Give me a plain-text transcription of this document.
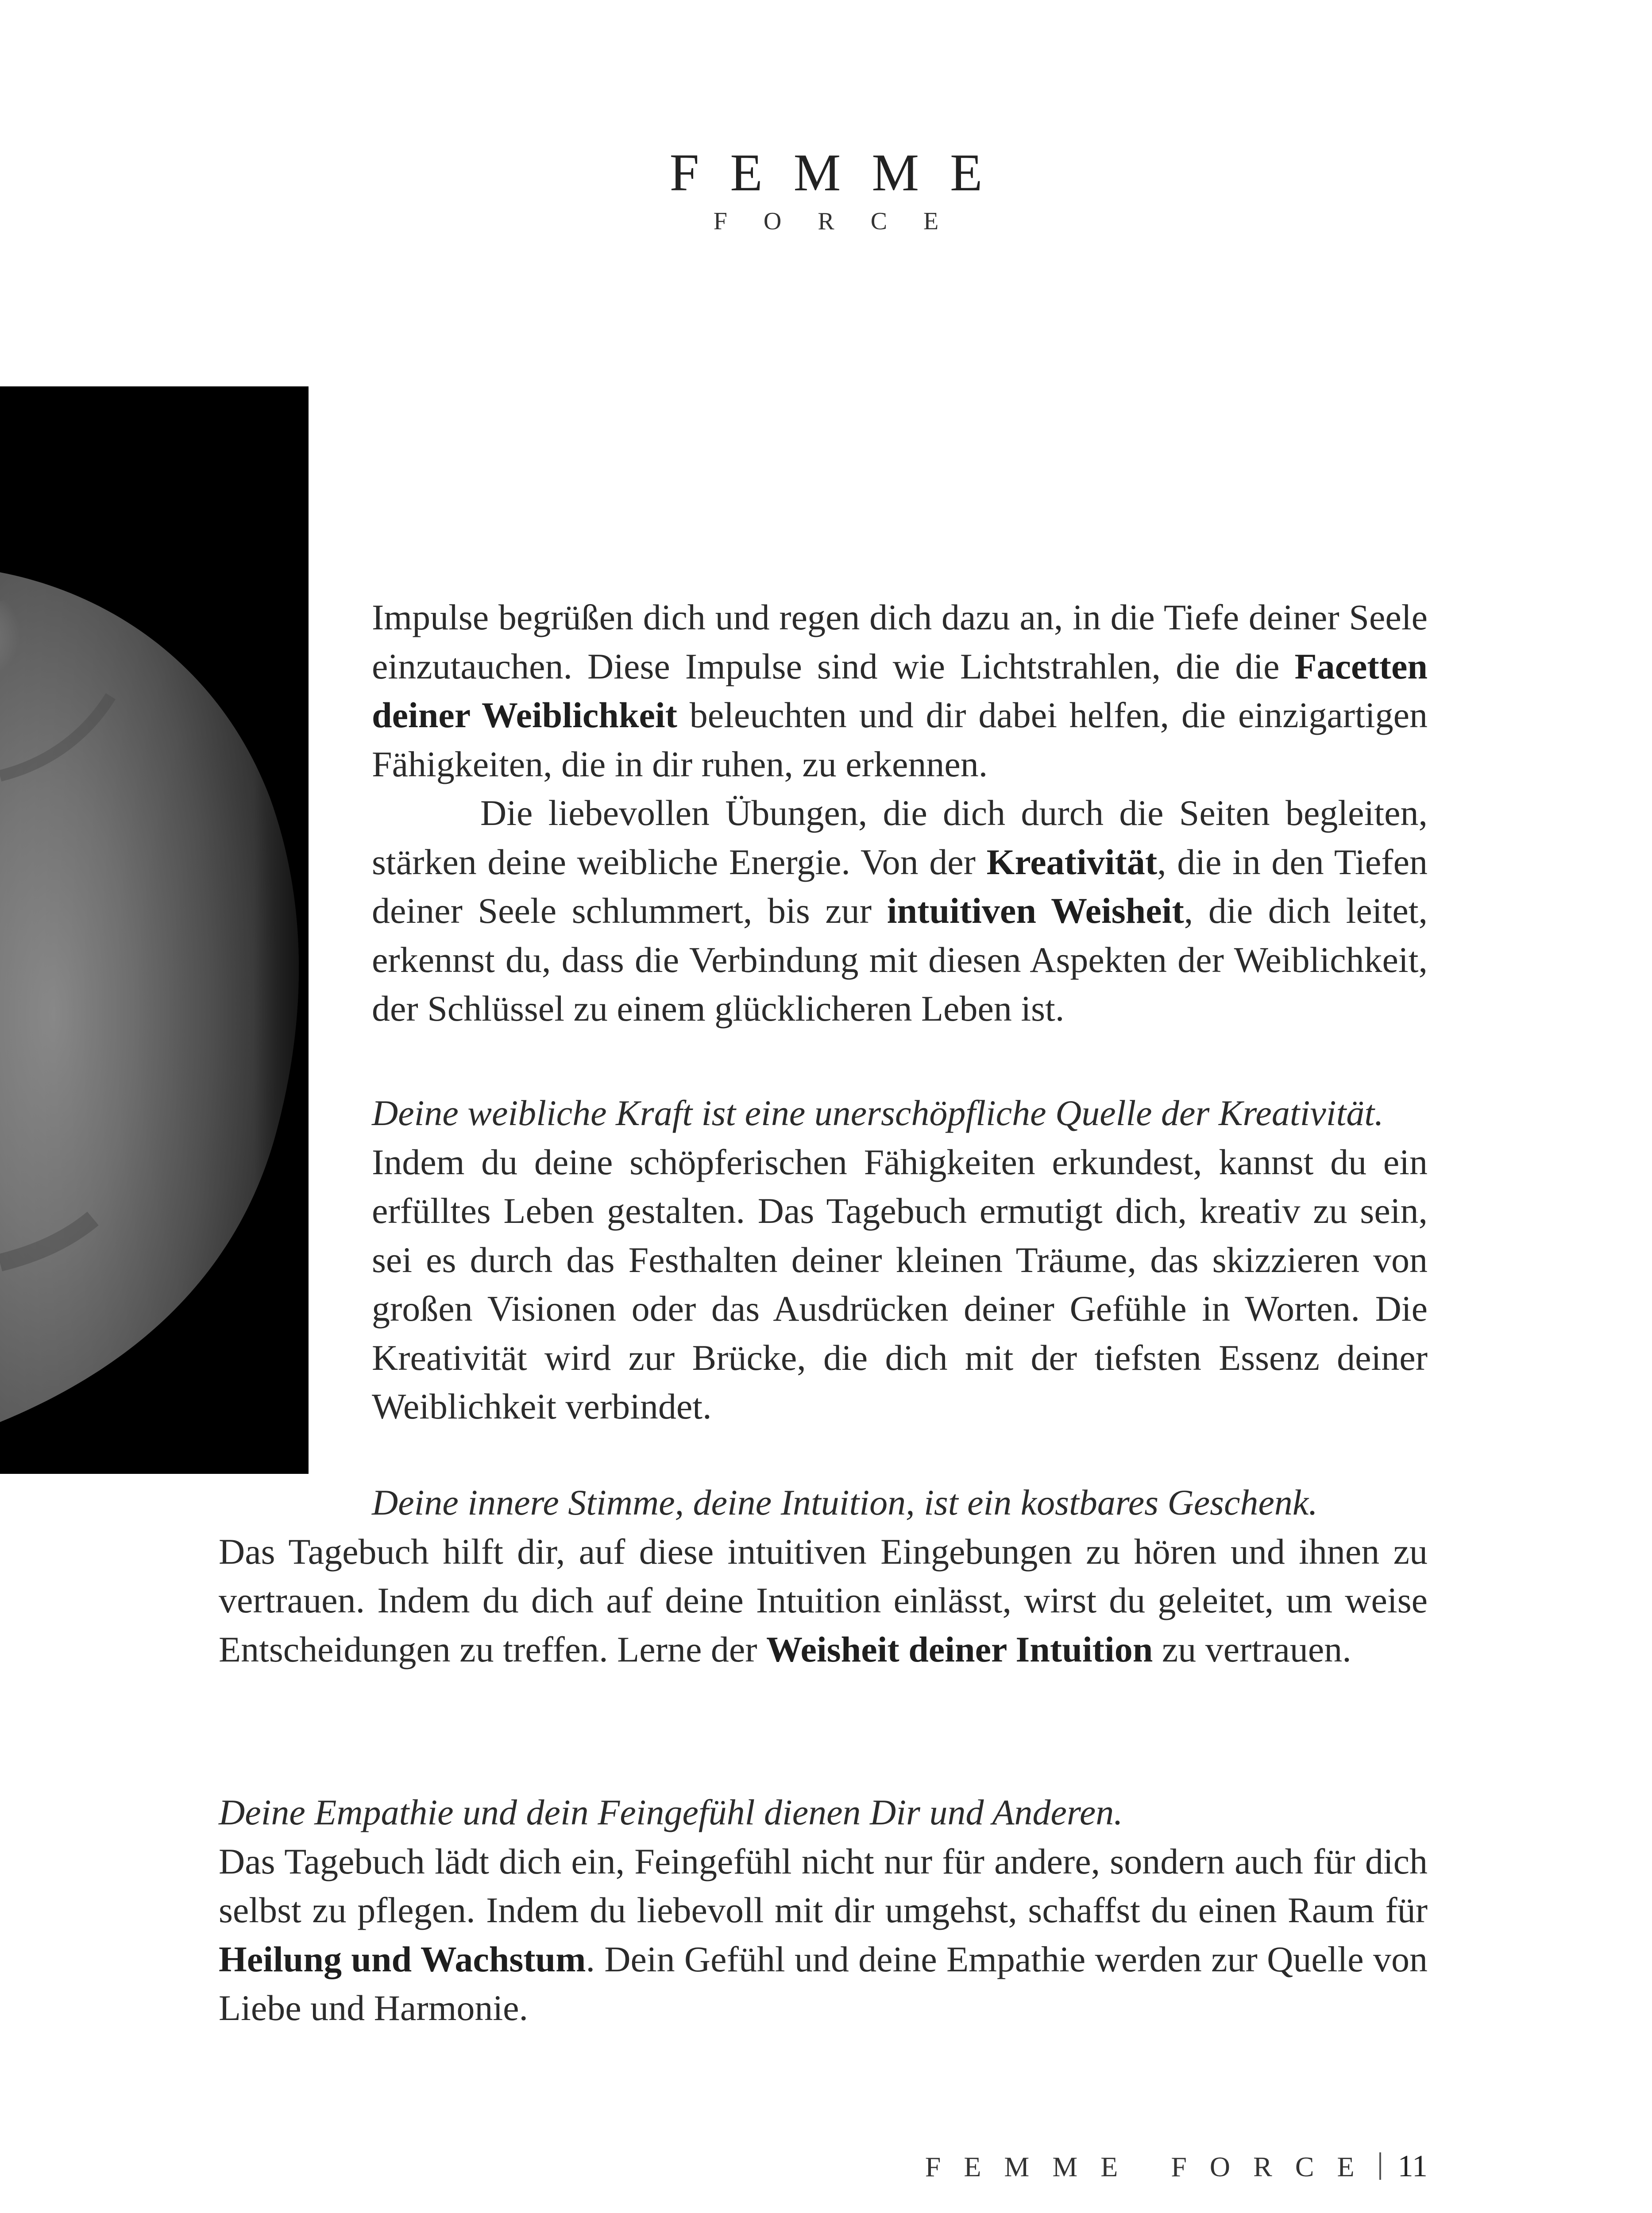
FEMME
FORCE

Impulse begrüßen dich und regen dich dazu an, in die Tiefe deiner Seele einzutauchen. Diese Impulse sind wie Lichtstrahlen, die die Facetten deiner Weiblichkeit beleuchten und dir dabei helfen, die einzigartigen Fähigkeiten, die in dir ruhen, zu erkennen.

Die liebevollen Übungen, die dich durch die Seiten begleiten, stärken deine weibliche Energie. Von der Kreativität, die in den Tiefen deiner Seele schlummert, bis zur intuitiven Weisheit, die dich leitet, erkennst du, dass die Verbindung mit diesen Aspekten der Weiblichkeit, der Schlüssel zu einem glücklicheren Leben ist.

Deine weibliche Kraft ist eine unerschöpfliche Quelle der Kreativität.

Indem du deine schöpferischen Fähigkeiten erkundest, kannst du ein erfülltes Leben gestalten. Das Tagebuch ermutigt dich, kreativ zu sein, sei es durch das Festhalten deiner kleinen Träume, das skizzieren von großen Visionen oder das Ausdrücken deiner Gefühle in Worten. Die Kreativität wird zur Brücke, die dich mit der tiefsten Essenz deiner Weiblichkeit verbindet.

Deine innere Stimme, deine Intuition, ist ein kostbares Geschenk.

Das Tagebuch hilft dir, auf diese intuitiven Eingebungen zu hören und ihnen zu vertrauen. Indem du dich auf deine Intuition einlässt, wirst du geleitet, um weise Entscheidungen zu treffen. Lerne der Weisheit deiner Intuition zu vertrauen.

Deine Empathie und dein Feingefühl dienen Dir und Anderen.

Das Tagebuch lädt dich ein, Feingefühl nicht nur für andere, sondern auch für dich selbst zu pflegen. Indem du liebevoll mit dir umgehst, schaffst du einen Raum für Heilung und Wachstum. Dein Gefühl und deine Empathie werden zur Quelle von Liebe und Harmonie.

FEMME FORCE 11
